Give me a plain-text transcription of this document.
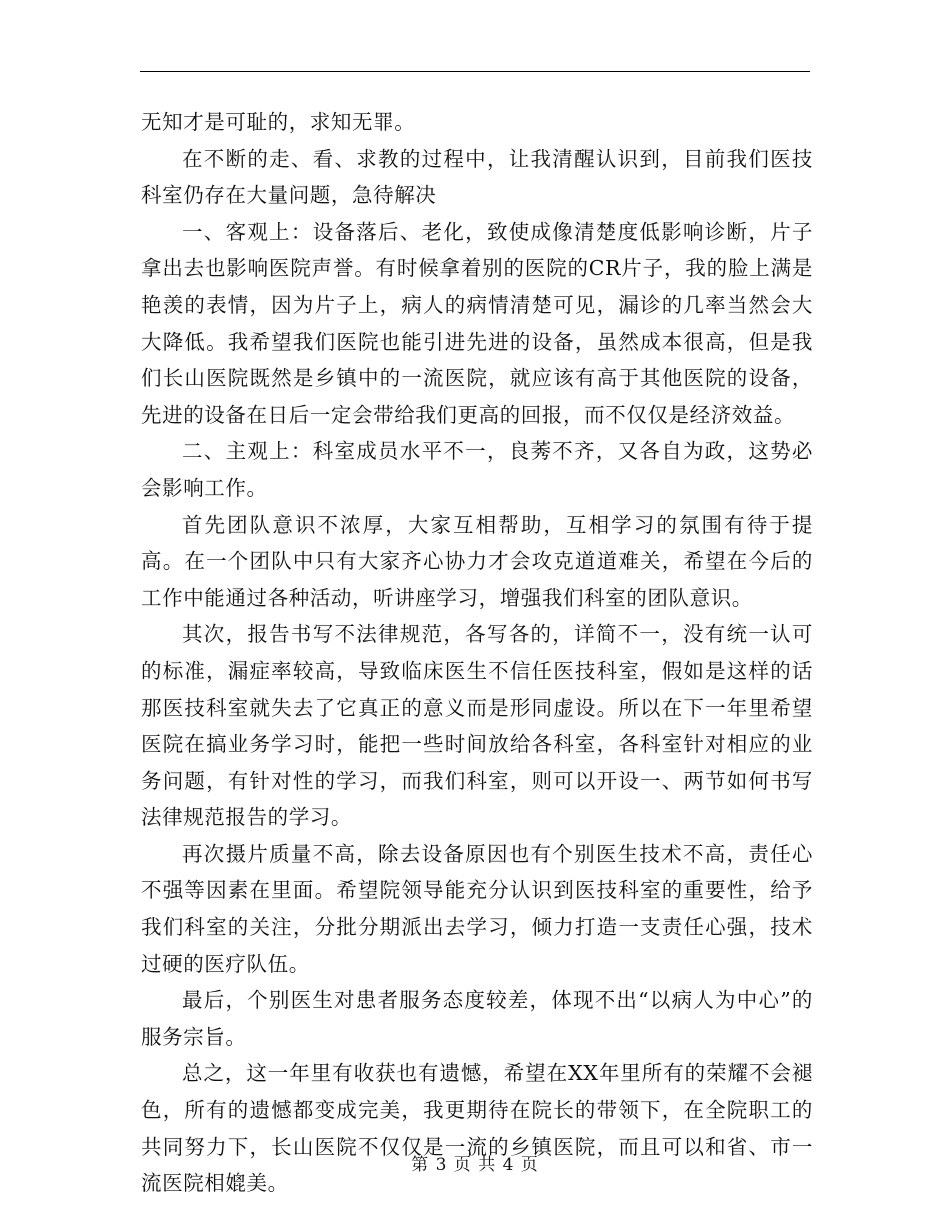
无知才是可耻的，求知无罪。

在不断的走、看、求教的过程中，让我清醒认识到，目前我们医技科室仍存在大量问题，急待解决

一、客观上：设备落后、老化，致使成像清楚度低影响诊断，片子拿出去也影响医院声誉。有时候拿着别的医院的CR片子，我的脸上满是艳羡的表情，因为片子上，病人的病情清楚可见，漏诊的几率当然会大大降低。我希望我们医院也能引进先进的设备，虽然成本很高，但是我们长山医院既然是乡镇中的一流医院，就应该有高于其他医院的设备，先进的设备在日后一定会带给我们更高的回报，而不仅仅是经济效益。

二、主观上：科室成员水平不一，良莠不齐，又各自为政，这势必会影响工作。

首先团队意识不浓厚，大家互相帮助，互相学习的氛围有待于提高。在一个团队中只有大家齐心协力才会攻克道道难关，希望在今后的工作中能通过各种活动，听讲座学习，增强我们科室的团队意识。

其次，报告书写不法律规范，各写各的，详简不一，没有统一认可的标准，漏症率较高，导致临床医生不信任医技科室，假如是这样的话那医技科室就失去了它真正的意义而是形同虚设。所以在下一年里希望医院在搞业务学习时，能把一些时间放给各科室，各科室针对相应的业务问题，有针对性的学习，而我们科室，则可以开设一、两节如何书写法律规范报告的学习。

再次摄片质量不高，除去设备原因也有个别医生技术不高，责任心不强等因素在里面。希望院领导能充分认识到医技科室的重要性，给予我们科室的关注，分批分期派出去学习，倾力打造一支责任心强，技术过硬的医疗队伍。

最后，个别医生对患者服务态度较差，体现不出“以病人为中心”的服务宗旨。

总之，这一年里有收获也有遗憾，希望在XX年里所有的荣耀不会褪色，所有的遗憾都变成完美，我更期待在院长的带领下，在全院职工的共同努力下，长山医院不仅仅是一流的乡镇医院，而且可以和省、市一流医院相媲美。

第 3 页 共 4 页
